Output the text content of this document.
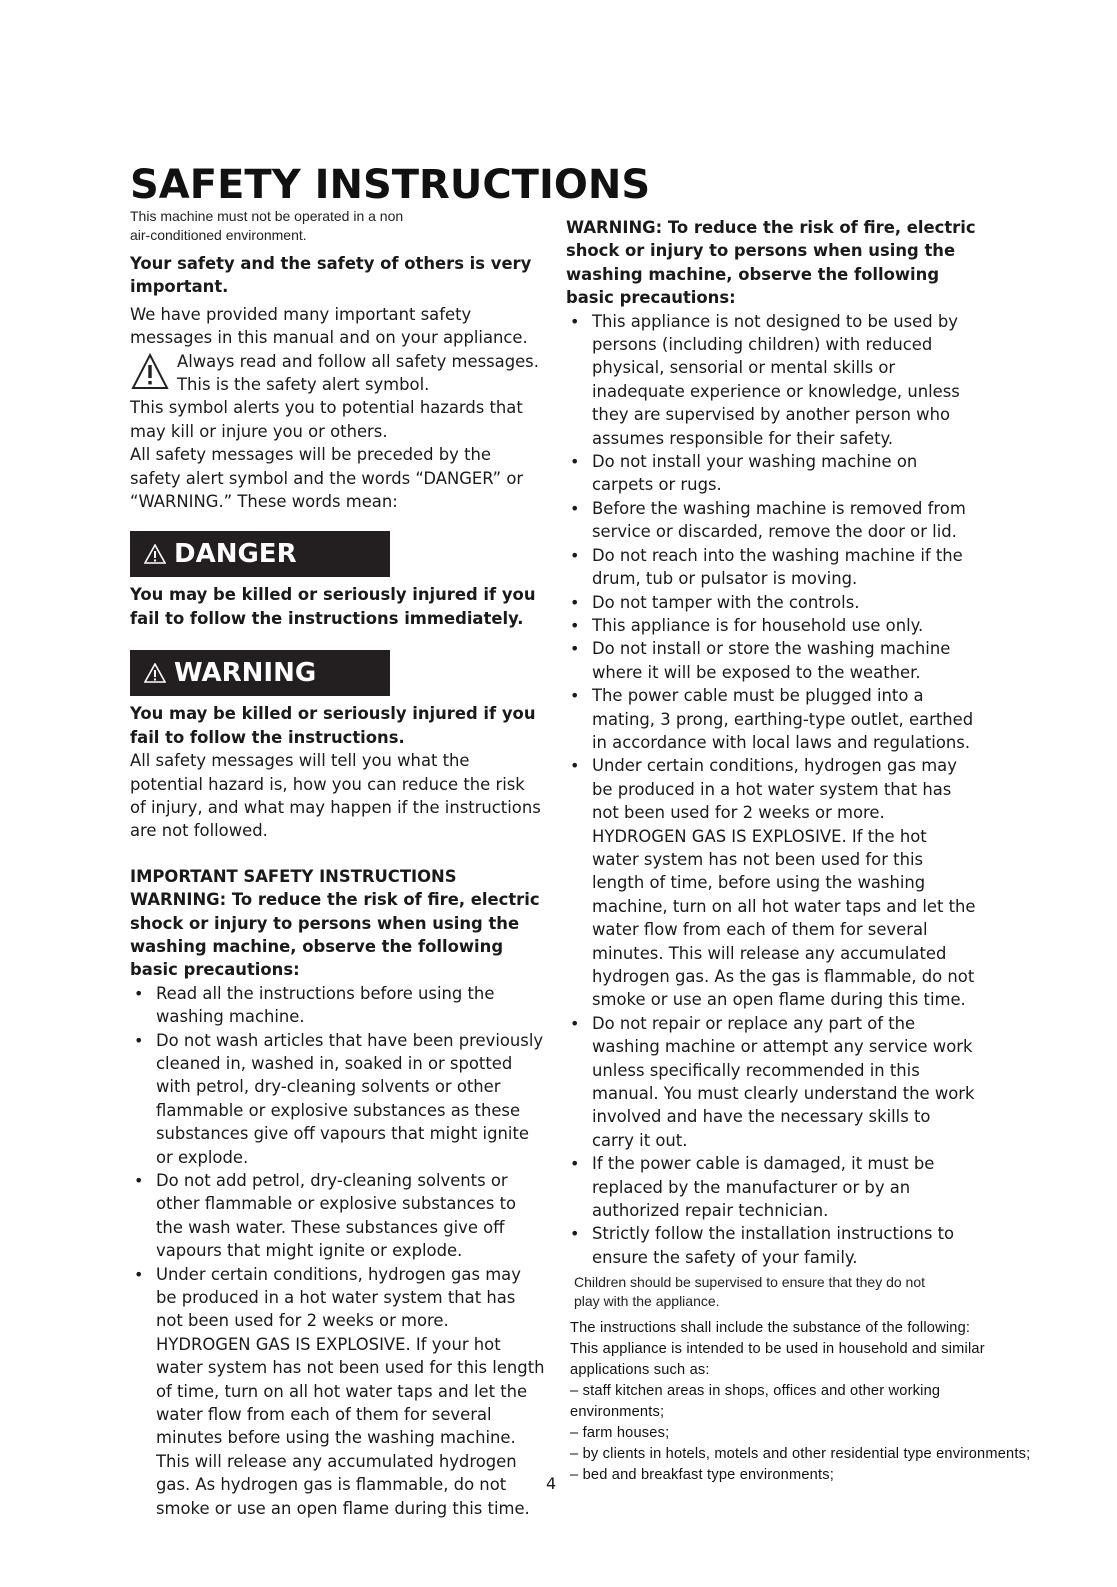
SAFETY INSTRUCTIONS

This machine must not be operated in a non

air-conditioned environment.

Your safety and the safety of others is very important.

We have provided many important safety messages in this manual and on your appliance.

Always read and follow all safety messages.

This is the safety alert symbol.

This symbol alerts you to potential hazards that may kill or injure you or others.

All safety messages will be preceded by the safety alert symbol and the words “DANGER” or “WARNING.” These words mean:

DANGER

You may be killed or seriously injured if you fail to follow the instructions immediately.

WARNING

You may be killed or seriously injured if you fail to follow the instructions.

All safety messages will tell you what the potential hazard is, how you can reduce the risk of injury, and what may happen if the instructions are not followed.

IMPORTANT SAFETY INSTRUCTIONS

WARNING: To reduce the risk of fire, electric shock or injury to persons when using the washing machine, observe the following basic precautions:

• Read all the instructions before using the washing machine.
• Do not wash articles that have been previously cleaned in, washed in, soaked in or spotted with petrol, dry-cleaning solvents or other flammable or explosive substances as these substances give off vapours that might ignite or explode.
• Do not add petrol, dry-cleaning solvents or other flammable or explosive substances to the wash water. These substances give off vapours that might ignite or explode.
• Under certain conditions, hydrogen gas may be produced in a hot water system that has not been used for 2 weeks or more. HYDROGEN GAS IS EXPLOSIVE. If your hot water system has not been used for this length of time, turn on all hot water taps and let the water flow from each of them for several minutes before using the washing machine. This will release any accumulated hydrogen gas. As hydrogen gas is flammable, do not smoke or use an open flame during this time.

WARNING: To reduce the risk of fire, electric shock or injury to persons when using the washing machine, observe the following basic precautions:

• This appliance is not designed to be used by persons (including children) with reduced physical, sensorial or mental skills or inadequate experience or knowledge, unless they are supervised by another person who assumes responsible for their safety.
• Do not install your washing machine on carpets or rugs.
• Before the washing machine is removed from service or discarded, remove the door or lid.
• Do not reach into the washing machine if the drum, tub or pulsator is moving.
• Do not tamper with the controls.
• This appliance is for household use only.
• Do not install or store the washing machine where it will be exposed to the weather.
• The power cable must be plugged into a mating, 3 prong, earthing-type outlet, earthed in accordance with local laws and regulations.
• Under certain conditions, hydrogen gas may be produced in a hot water system that has not been used for 2 weeks or more. HYDROGEN GAS IS EXPLOSIVE. If the hot water system has not been used for this length of time, before using the washing machine, turn on all hot water taps and let the water flow from each of them for several minutes. This will release any accumulated hydrogen gas. As the gas is flammable, do not smoke or use an open flame during this time.
• Do not repair or replace any part of the washing machine or attempt any service work unless specifically recommended in this manual. You must clearly understand the work involved and have the necessary skills to carry it out.
• If the power cable is damaged, it must be replaced by the manufacturer or by an authorized repair technician.
• Strictly follow the installation instructions to ensure the safety of your family.

Children should be supervised to ensure that they do not

play with the appliance.

The instructions shall include the substance of the following:

This appliance is intended to be used in household and similar

applications such as:

– staff kitchen areas in shops, offices and other working

environments;

– farm houses;

– by clients in hotels, motels and other residential type environments;

– bed and breakfast type environments;

4
